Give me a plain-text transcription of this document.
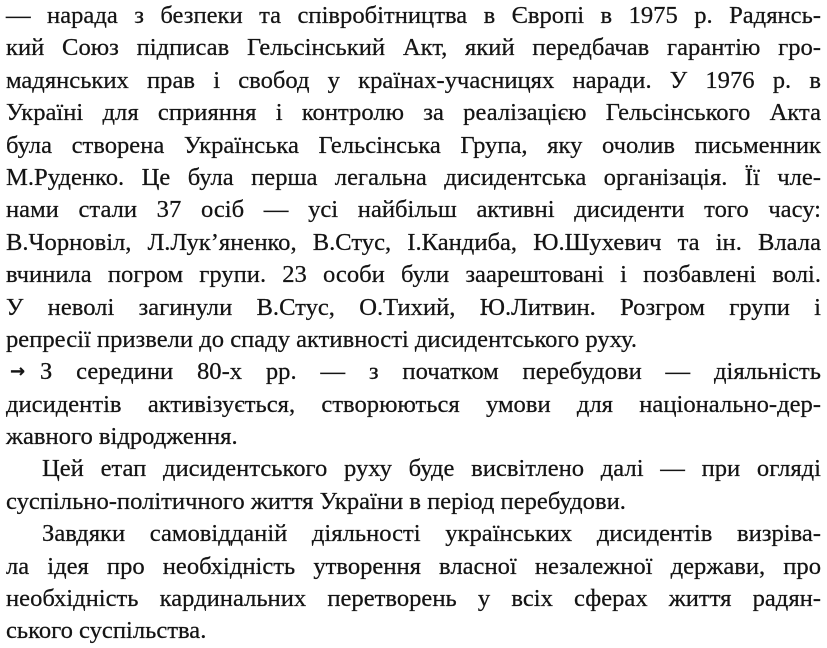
— нарада з безпеки та співробітництва в Європі в 1975 р. Радянсь-
кий Союз підписав Гельсінський Акт, який передбачав гарантію гро-
мадянських прав і свобод у країнах-учасницях наради. У 1976 р. в
Україні для сприяння і контролю за реалізацією Гельсінського Акта
була створена Українська Гельсінська Група, яку очолив письменник
М.Руденко. Це була перша легальна дисидентська організація. Її чле-
нами стали 37 осіб — усі найбільш активні дисиденти того часу:
В.Чорновіл, Л.Лук’яненко, В.Стус, І.Кандиба, Ю.Шухевич та ін. Влала
вчинила погром групи. 23 особи були заарештовані і позбавлені волі.
У неволі загинули В.Стус, О.Тихий, Ю.Литвин. Розгром групи і
репресії призвели до спаду активності дисидентського руху.
→ З середини 80-х рр. — з початком перебудови — діяльність
дисидентів активізується, створюються умови для національно-дер-
жавного відродження.
Цей етап дисидентського руху буде висвітлено далі — при огляді
суспільно-політичного життя України в період перебудови.
Завдяки самовідданій діяльності українських дисидентів визріва-
ла ідея про необхідність утворення власної незалежної держави, про
необхідність кардинальних перетворень у всіх сферах життя радян-
ського суспільства.
